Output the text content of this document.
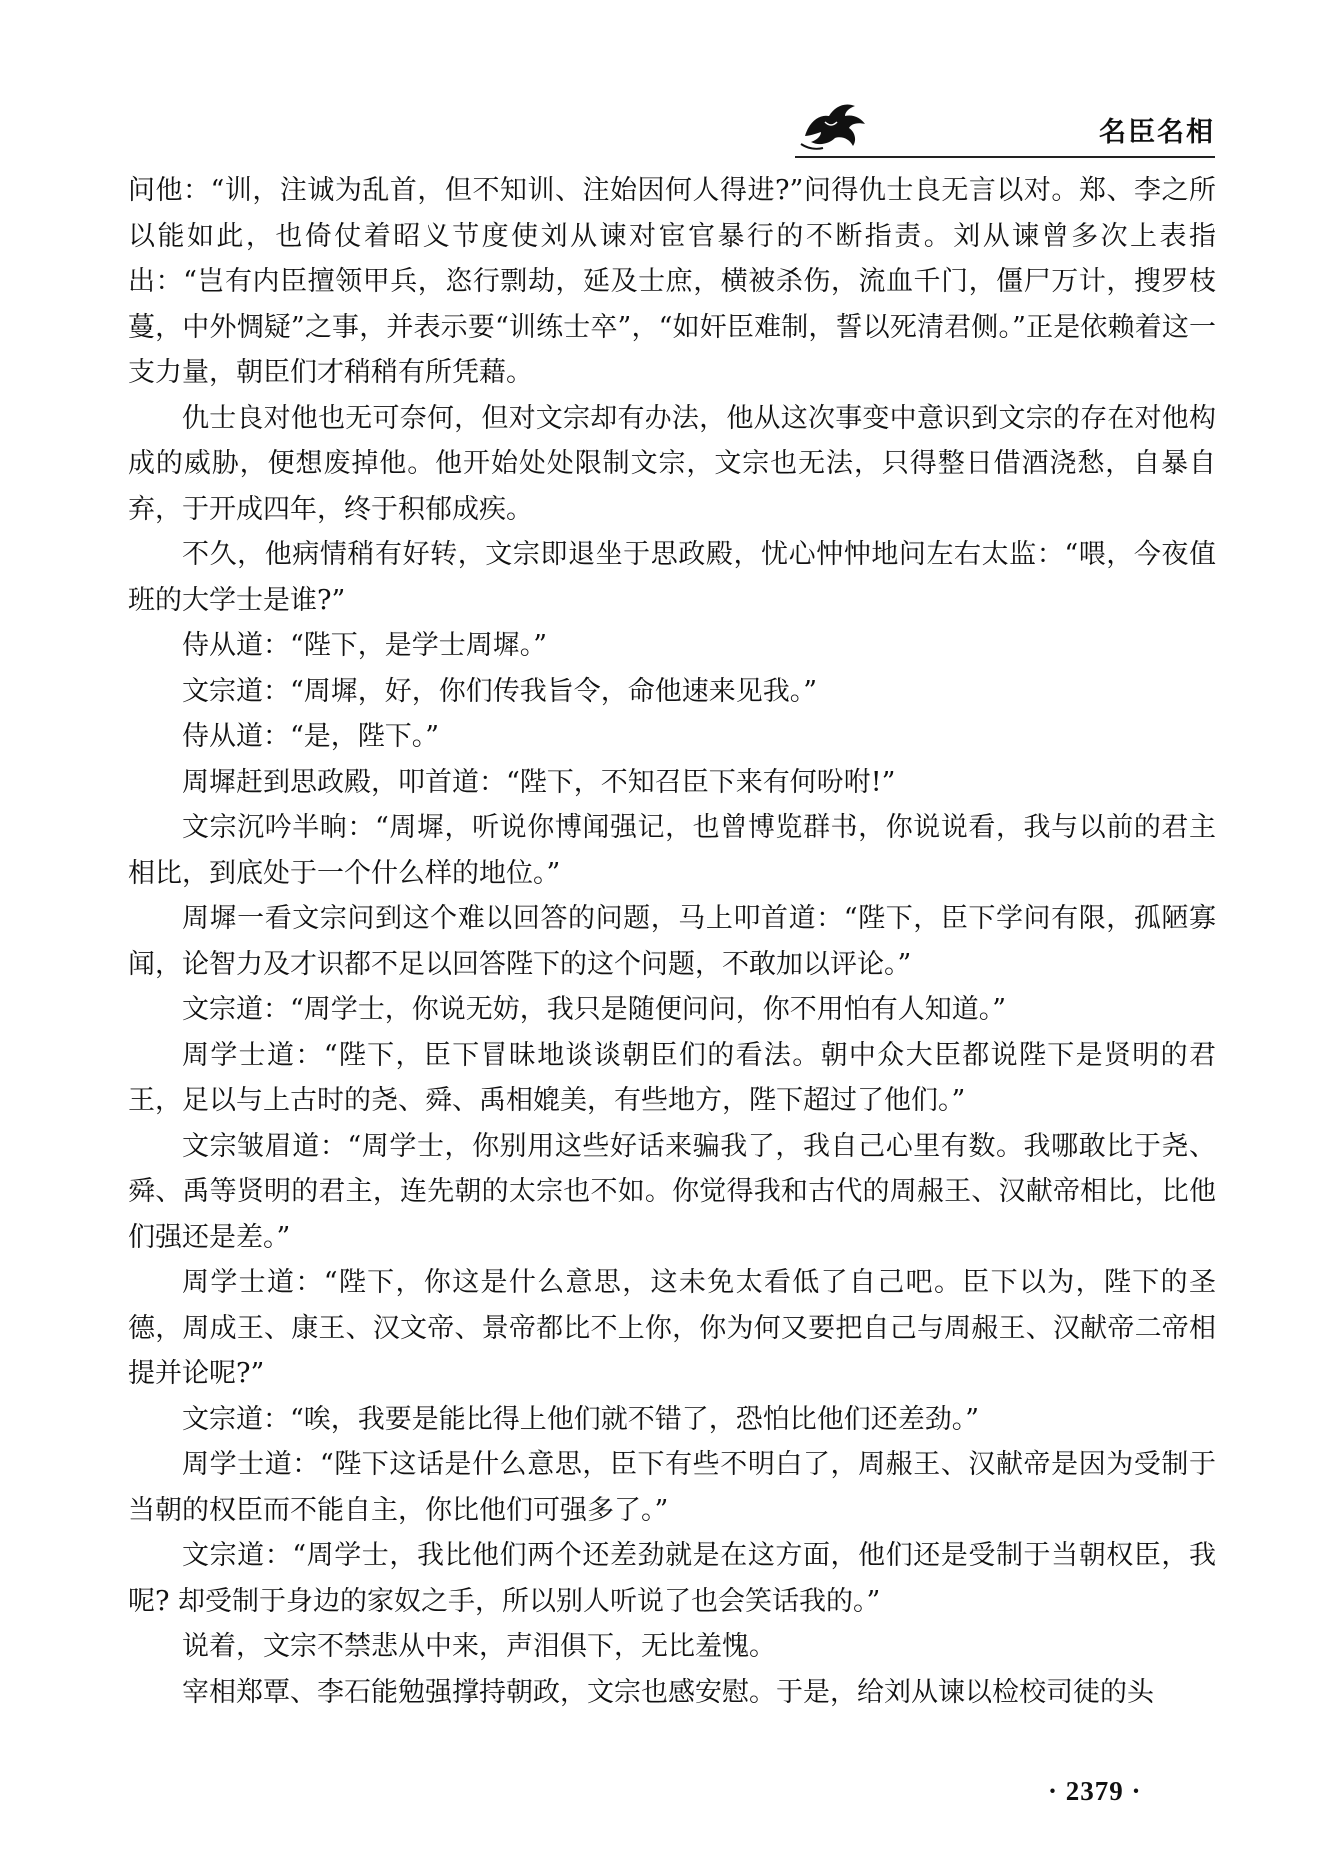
名臣名相

问他：“训，注诚为乱首，但不知训、注始因何人得进?”问得仇士良无言以对。郑、李之所以能如此，也倚仗着昭义节度使刘从谏对宦官暴行的不断指责。刘从谏曾多次上表指出：“岂有内臣擅领甲兵，恣行剽劫，延及士庶，横被杀伤，流血千门，僵尸万计，搜罗枝蔓，中外惆疑”之事，并表示要“训练士卒”，“如奸臣难制，誓以死清君侧。”正是依赖着这一支力量，朝臣们才稍稍有所凭藉。

仇士良对他也无可奈何，但对文宗却有办法，他从这次事变中意识到文宗的存在对他构成的威胁，便想废掉他。他开始处处限制文宗，文宗也无法，只得整日借酒浇愁，自暴自弃，于开成四年，终于积郁成疾。

不久，他病情稍有好转，文宗即退坐于思政殿，忧心忡忡地问左右太监：“喂，今夜值班的大学士是谁?”

侍从道：“陛下，是学士周墀。”

文宗道：“周墀，好，你们传我旨令，命他速来见我。”

侍从道：“是，陛下。”

周墀赶到思政殿，叩首道：“陛下，不知召臣下来有何吩咐!”

文宗沉吟半晌：“周墀，听说你博闻强记，也曾博览群书，你说说看，我与以前的君主相比，到底处于一个什么样的地位。”

周墀一看文宗问到这个难以回答的问题，马上叩首道：“陛下，臣下学问有限，孤陋寡闻，论智力及才识都不足以回答陛下的这个问题，不敢加以评论。”

文宗道：“周学士，你说无妨，我只是随便问问，你不用怕有人知道。”

周学士道：“陛下，臣下冒昧地谈谈朝臣们的看法。朝中众大臣都说陛下是贤明的君王，足以与上古时的尧、舜、禹相媲美，有些地方，陛下超过了他们。”

文宗皱眉道：“周学士，你别用这些好话来骗我了，我自己心里有数。我哪敢比于尧、舜、禹等贤明的君主，连先朝的太宗也不如。你觉得我和古代的周赧王、汉献帝相比，比他们强还是差。”

周学士道：“陛下，你这是什么意思，这未免太看低了自己吧。臣下以为，陛下的圣德，周成王、康王、汉文帝、景帝都比不上你，你为何又要把自己与周赧王、汉献帝二帝相提并论呢?”

文宗道：“唉，我要是能比得上他们就不错了，恐怕比他们还差劲。”

周学士道：“陛下这话是什么意思，臣下有些不明白了，周赧王、汉献帝是因为受制于当朝的权臣而不能自主，你比他们可强多了。”

文宗道：“周学士，我比他们两个还差劲就是在这方面，他们还是受制于当朝权臣，我呢? 却受制于身边的家奴之手，所以别人听说了也会笑话我的。”

说着，文宗不禁悲从中来，声泪俱下，无比羞愧。

宰相郑覃、李石能勉强撑持朝政，文宗也感安慰。于是，给刘从谏以检校司徒的头

· 2379 ·
